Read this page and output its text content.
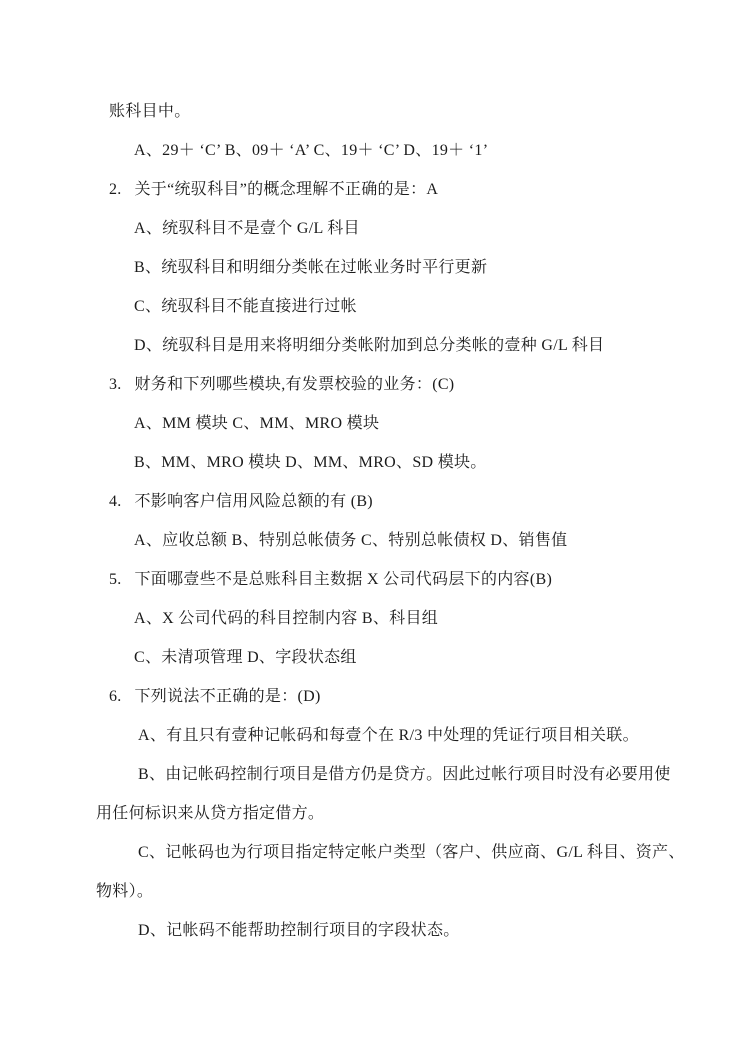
账科目中。
A、29＋ ‘C’ B、09＋ ‘A’ C、19＋ ‘C’ D、19＋ ‘1’
2.   关于“统驭科目”的概念理解不正确的是：A
A、统驭科目不是壹个 G/L 科目
B、统驭科目和明细分类帐在过帐业务时平行更新
C、统驭科目不能直接进行过帐
D、统驭科目是用来将明细分类帐附加到总分类帐的壹种 G/L 科目
3.   财务和下列哪些模块,有发票校验的业务：(C)
A、MM 模块 C、MM、MRO 模块
B、MM、MRO 模块 D、MM、MRO、SD 模块。
4.   不影响客户信用风险总额的有 (B)
A、应收总额 B、特别总帐债务 C、特别总帐债权 D、销售值
5.   下面哪壹些不是总账科目主数据 X 公司代码层下的内容(B)
A、X 公司代码的科目控制内容 B、科目组
C、未清项管理 D、字段状态组
6.   下列说法不正确的是：(D)
A、有且只有壹种记帐码和每壹个在 R/3 中处理的凭证行项目相关联。
B、由记帐码控制行项目是借方仍是贷方。因此过帐行项目时没有必要用使
用任何标识来从贷方指定借方。
C、记帐码也为行项目指定特定帐户类型（客户、供应商、G/L 科目、资产、
物料）。
D、记帐码不能帮助控制行项目的字段状态。
